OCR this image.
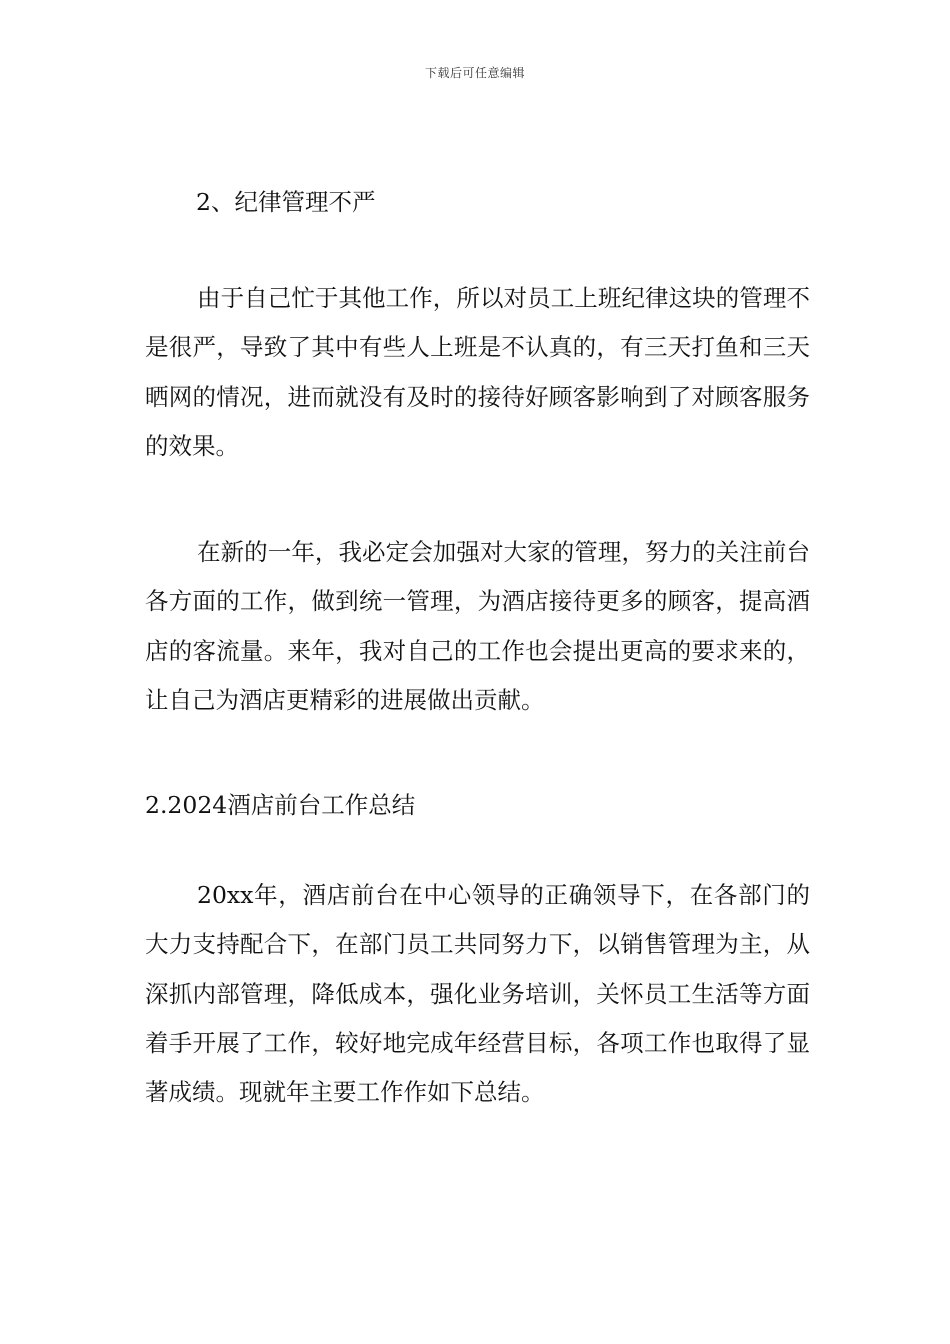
下载后可任意编辑

2、纪律管理不严

由于自己忙于其他工作，所以对员工上班纪律这块的管理不是很严，导致了其中有些人上班是不认真的，有三天打鱼和三天晒网的情况，进而就没有及时的接待好顾客影响到了对顾客服务的效果。

在新的一年，我必定会加强对大家的管理，努力的关注前台各方面的工作，做到统一管理，为酒店接待更多的顾客，提高酒店的客流量。来年，我对自己的工作也会提出更高的要求来的，让自己为酒店更精彩的进展做出贡献。

2.2024酒店前台工作总结

20xx年，酒店前台在中心领导的正确领导下，在各部门的大力支持配合下，在部门员工共同努力下，以销售管理为主，从深抓内部管理，降低成本，强化业务培训，关怀员工生活等方面着手开展了工作，较好地完成年经营目标，各项工作也取得了显著成绩。现就年主要工作作如下总结。
